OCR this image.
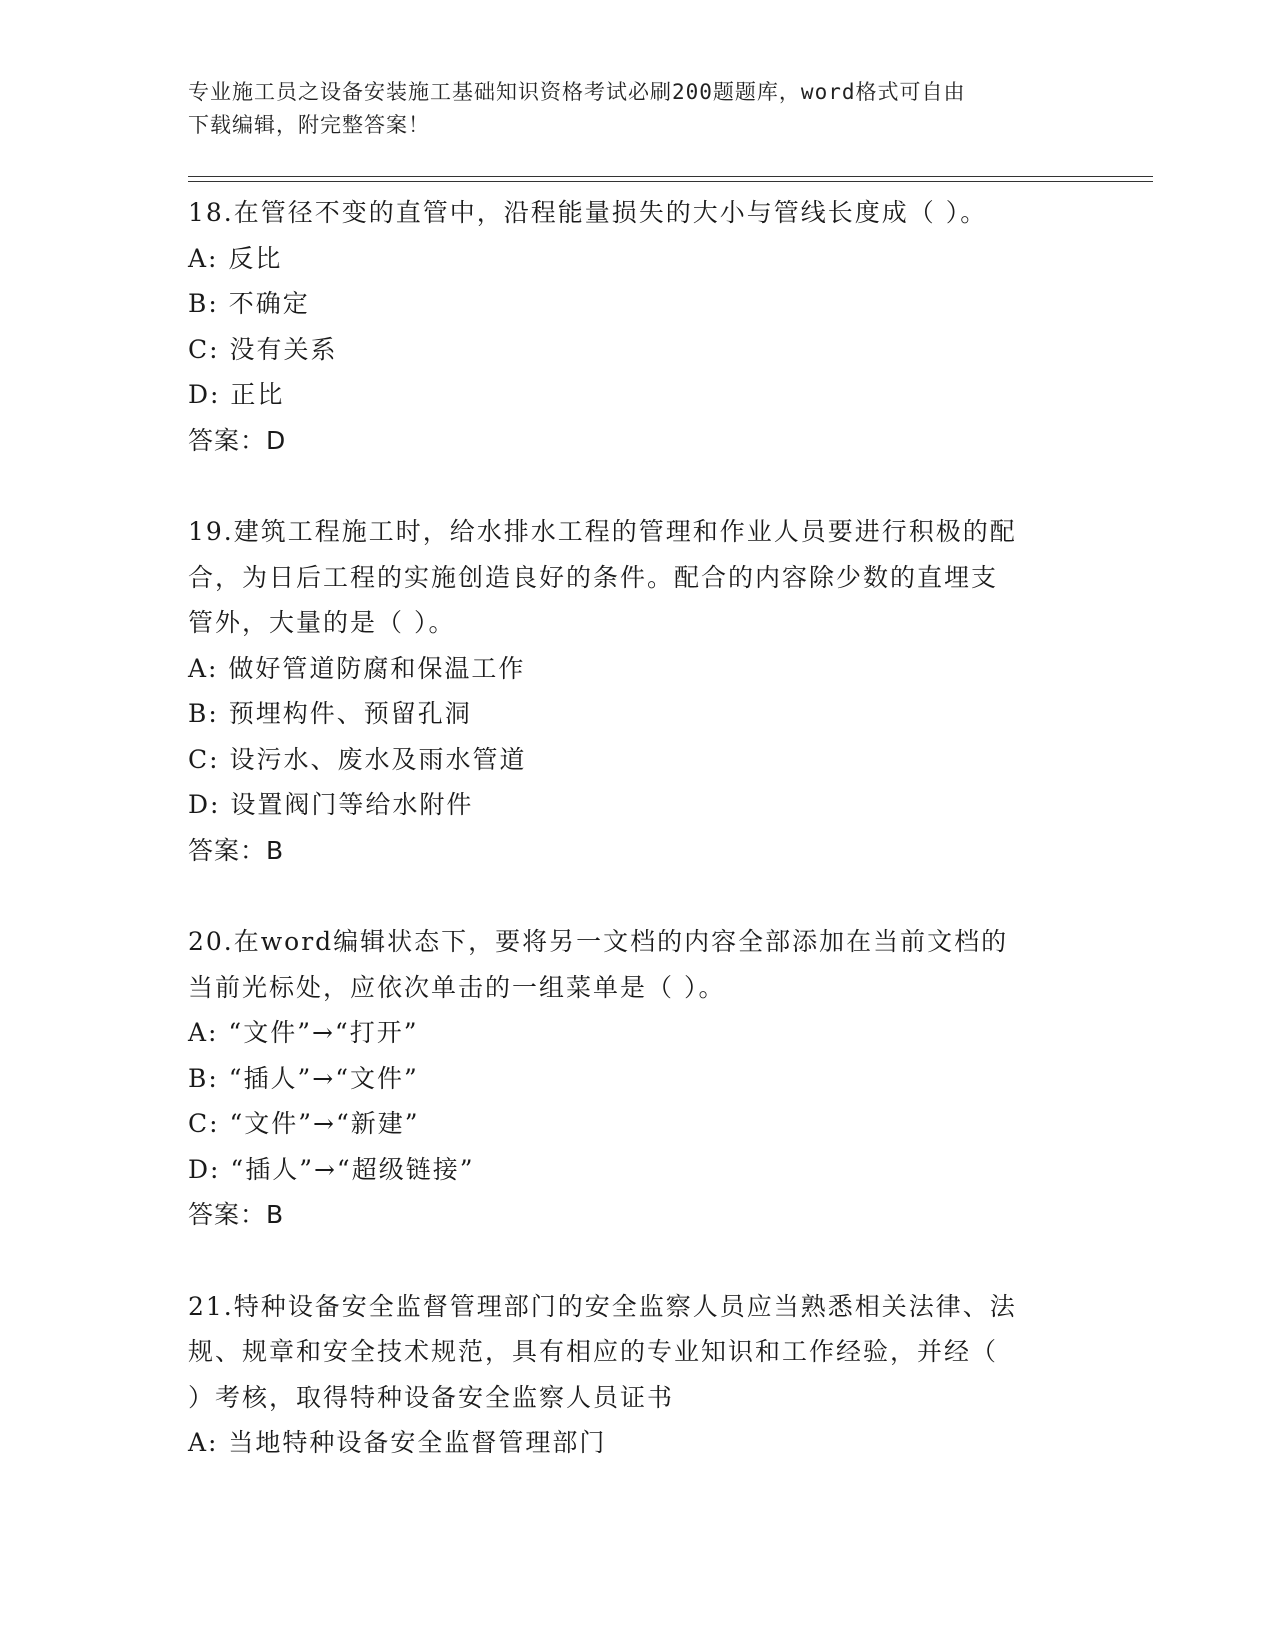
专业施工员之设备安装施工基础知识资格考试必刷200题题库，word格式可自由
下载编辑，附完整答案！
18.在管径不变的直管中，沿程能量损失的大小与管线长度成（ ）。
A: 反比
B: 不确定
C: 没有关系
D: 正比
答案：D
19.建筑工程施工时，给水排水工程的管理和作业人员要进行积极的配
合，为日后工程的实施创造良好的条件。配合的内容除少数的直埋支
管外，大量的是（ ）。
A: 做好管道防腐和保温工作
B: 预埋构件、预留孔洞
C: 设污水、废水及雨水管道
D: 设置阀门等给水附件
答案：B
20.在word编辑状态下，要将另一文档的内容全部添加在当前文档的
当前光标处，应依次单击的一组菜单是（ ）。
A: “文件”→“打开”
B: “插人”→“文件”
C: “文件”→“新建”
D: “插人”→“超级链接”
答案：B
21.特种设备安全监督管理部门的安全监察人员应当熟悉相关法律、法
规、规章和安全技术规范，具有相应的专业知识和工作经验，并经（
）考核，取得特种设备安全监察人员证书
A: 当地特种设备安全监督管理部门
